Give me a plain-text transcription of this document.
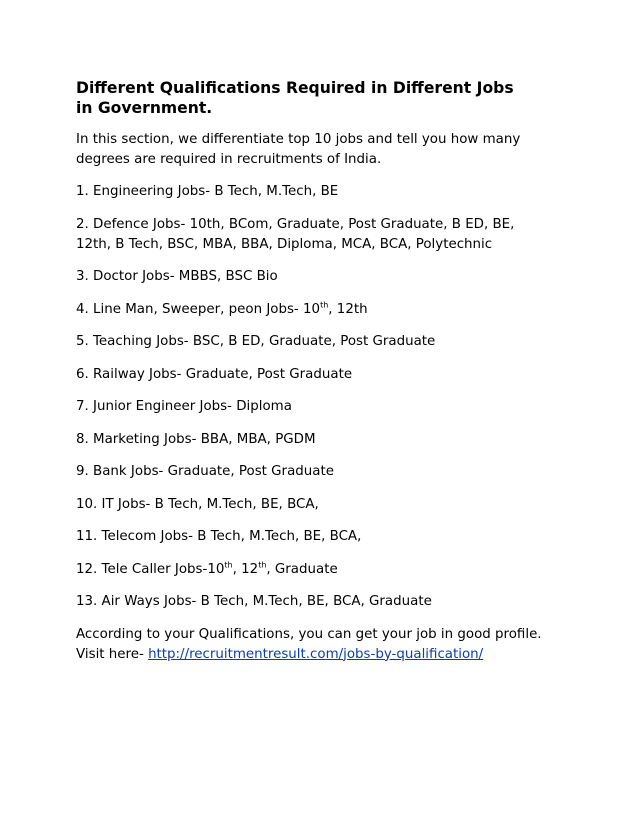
Different Qualifications Required in Different Jobs
in Government.
In this section, we differentiate top 10 jobs and tell you how many
degrees are required in recruitments of India.
1. Engineering Jobs- B Tech, M.Tech, BE
2. Defence Jobs- 10th, BCom, Graduate, Post Graduate, B ED, BE,
12th, B Tech, BSC, MBA, BBA, Diploma, MCA, BCA, Polytechnic
3. Doctor Jobs- MBBS, BSC Bio
4. Line Man, Sweeper, peon Jobs- 10th, 12th
5. Teaching Jobs- BSC, B ED, Graduate, Post Graduate
6. Railway Jobs- Graduate, Post Graduate
7. Junior Engineer Jobs- Diploma
8. Marketing Jobs- BBA, MBA, PGDM
9. Bank Jobs- Graduate, Post Graduate
10. IT Jobs- B Tech, M.Tech, BE, BCA,
11. Telecom Jobs- B Tech, M.Tech, BE, BCA,
12. Tele Caller Jobs-10th, 12th, Graduate
13. Air Ways Jobs- B Tech, M.Tech, BE, BCA, Graduate
According to your Qualifications, you can get your job in good profile.
Visit here- http://recruitmentresult.com/jobs-by-qualification/
